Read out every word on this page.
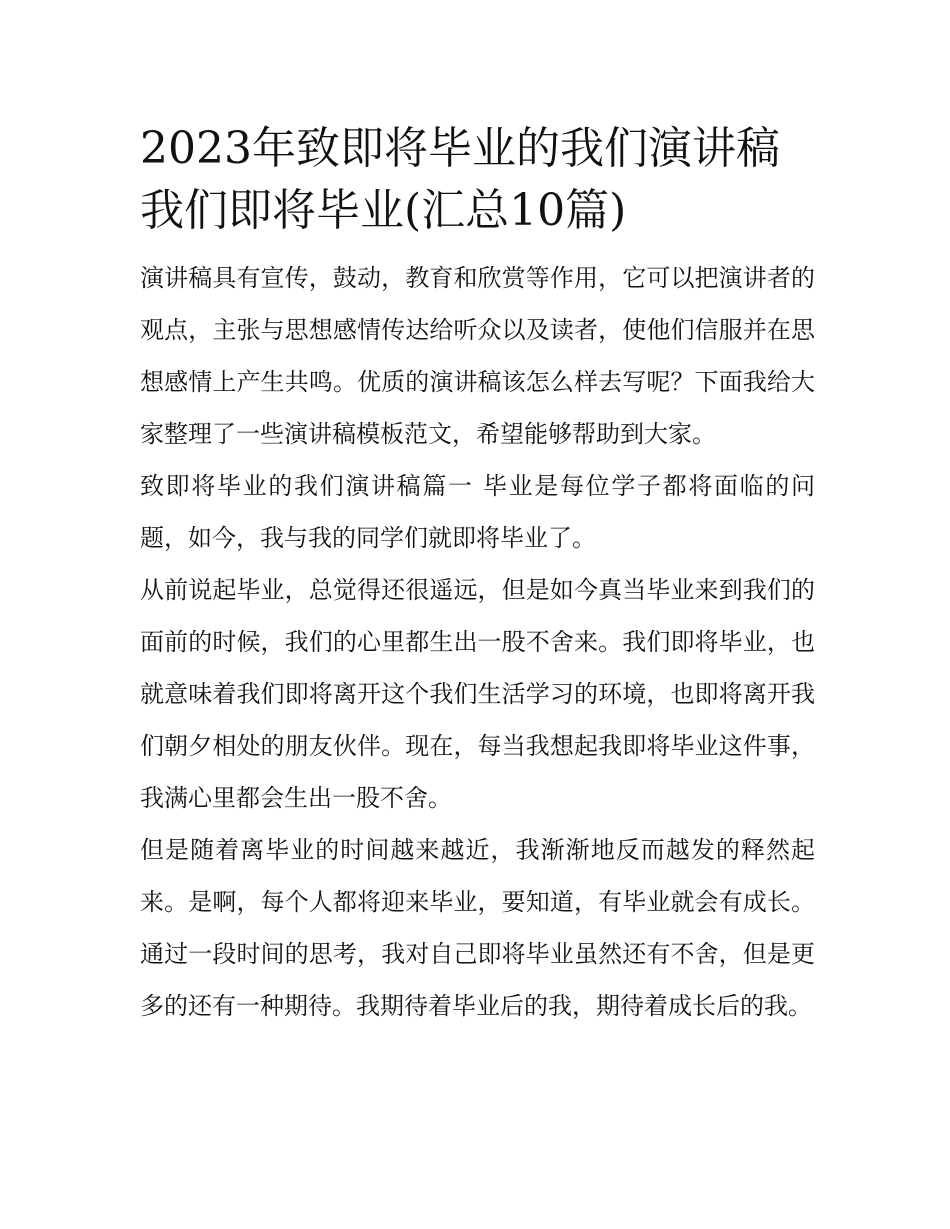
2023年致即将毕业的我们演讲稿 我们即将毕业(汇总10篇)

演讲稿具有宣传，鼓动，教育和欣赏等作用，它可以把演讲者的观点，主张与思想感情传达给听众以及读者，使他们信服并在思想感情上产生共鸣。优质的演讲稿该怎么样去写呢？下面我给大家整理了一些演讲稿模板范文，希望能够帮助到大家。

致即将毕业的我们演讲稿篇一 毕业是每位学子都将面临的问题，如今，我与我的同学们就即将毕业了。

从前说起毕业，总觉得还很遥远，但是如今真当毕业来到我们的面前的时候，我们的心里都生出一股不舍来。我们即将毕业，也就意味着我们即将离开这个我们生活学习的环境，也即将离开我们朝夕相处的朋友伙伴。现在，每当我想起我即将毕业这件事，我满心里都会生出一股不舍。

但是随着离毕业的时间越来越近，我渐渐地反而越发的释然起来。是啊，每个人都将迎来毕业，要知道，有毕业就会有成长。通过一段时间的思考，我对自己即将毕业虽然还有不舍，但是更多的还有一种期待。我期待着毕业后的我，期待着成长后的我。
